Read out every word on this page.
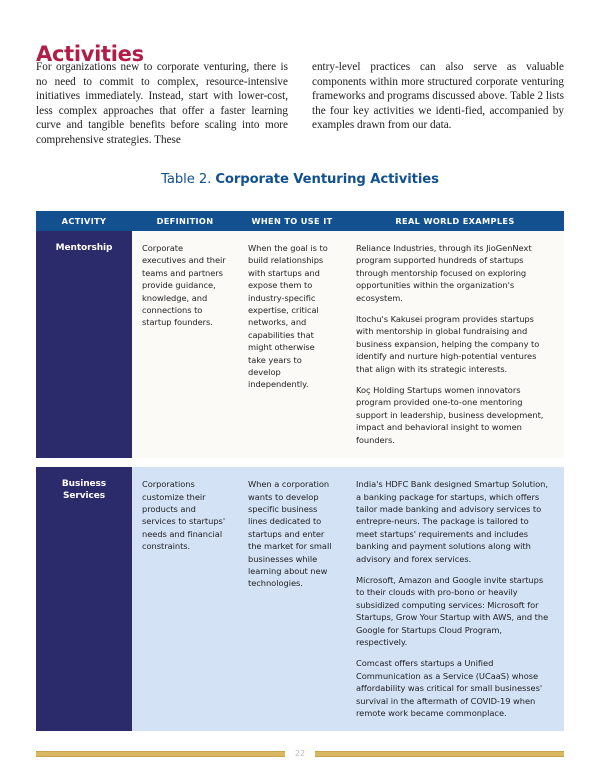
Activities
For organizations new to corporate venturing, there is no need to commit to complex, resource-intensive initiatives immediately. Instead, start with lower-cost, less complex approaches that offer a faster learning curve and tangible benefits before scaling into more comprehensive strategies. These
entry-level practices can also serve as valuable components within more structured corporate venturing frameworks and programs discussed above. Table 2 lists the four key activities we identi-fied, accompanied by examples drawn from our data.
Table 2. Corporate Venturing Activities
ACTIVITY	DEFINITION	WHEN TO USE IT	REAL WORLD EXAMPLES
Mentorship	Corporate executives and their teams and partners provide guidance, knowledge, and connections to startup founders.	When the goal is to build relationships with startups and expose them to industry-specific expertise, critical networks, and capabilities that might otherwise take years to develop independently.	Reliance Industries, through its JioGenNext program supported hundreds of startups through mentorship focused on exploring opportunities within the organization's ecosystem.

Itochu's Kakusei program provides startups with mentorship in global fundraising and business expansion, helping the company to identify and nurture high-potential ventures that align with its strategic interests.

Koç Holding Startups women innovators program provided one-to-one mentoring support in leadership, business development, impact and behavioral insight to women founders.

Business Services	Corporations customize their products and services to startups' needs and financial constraints.	When a corporation wants to develop specific business lines dedicated to startups and enter the market for small businesses while learning about new technologies.	India's HDFC Bank designed Smartup Solution, a banking package for startups, which offers tailor made banking and advisory services to entrepre-neurs. The package is tailored to meet startups' requirements and includes banking and payment solutions along with advisory and forex services.

Microsoft, Amazon and Google invite startups to their clouds with pro-bono or heavily subsidized computing services: Microsoft for Startups, Grow Your Startup with AWS, and the Google for Startups Cloud Program, respectively.

Comcast offers startups a Unified Communication as a Service (UCaaS) whose affordability was critical for small businesses' survival in the aftermath of COVID-19 when remote work became commonplace.

22
